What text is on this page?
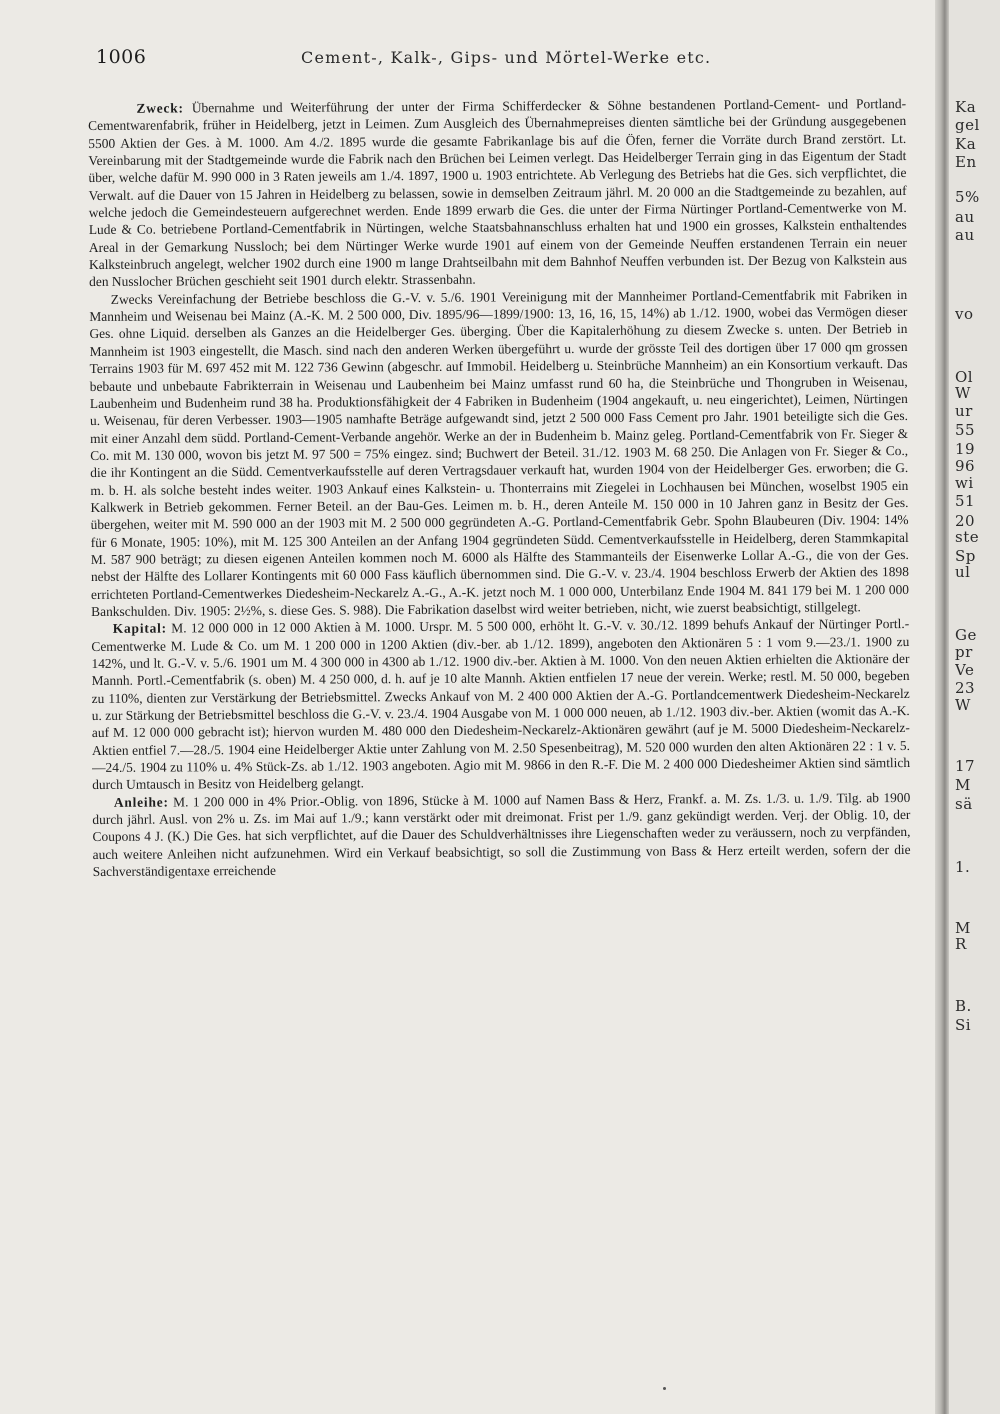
1006	Cement-, Kalk-, Gips- und Mörtel-Werke etc.

Zweck: Übernahme und Weiterführung der unter der Firma Schifferdecker & Söhne bestandenen Portland-Cement- und Portland-Cementwarenfabrik, früher in Heidelberg, jetzt in Leimen. Zum Ausgleich des Übernahmepreises dienten sämtliche bei der Gründung ausgegebenen 5500 Aktien der Ges. à M. 1000. Am 4./2. 1895 wurde die gesamte Fabrikanlage bis auf die Öfen, ferner die Vorräte durch Brand zerstört. Lt. Vereinbarung mit der Stadtgemeinde wurde die Fabrik nach den Brüchen bei Leimen verlegt. Das Heidelberger Terrain ging in das Eigentum der Stadt über, welche dafür M. 990 000 in 3 Raten jeweils am 1./4. 1897, 1900 u. 1903 entrichtete. Ab Verlegung des Betriebs hat die Ges. sich verpflichtet, die Verwalt. auf die Dauer von 15 Jahren in Heidelberg zu belassen, sowie in demselben Zeitraum jährl. M. 20 000 an die Stadtgemeinde zu bezahlen, auf welche jedoch die Gemeindesteuern aufgerechnet werden. Ende 1899 erwarb die Ges. die unter der Firma Nürtinger Portland-Cementwerke von M. Lude & Co. betriebene Portland-Cementfabrik in Nürtingen, welche Staatsbahnanschluss erhalten hat und 1900 ein grosses, Kalkstein enthaltendes Areal in der Gemarkung Nussloch; bei dem Nürtinger Werke wurde 1901 auf einem von der Gemeinde Neuffen erstandenen Terrain ein neuer Kalksteinbruch angelegt, welcher 1902 durch eine 1900 m lange Drahtseilbahn mit dem Bahnhof Neuffen verbunden ist. Der Bezug von Kalkstein aus den Nusslocher Brüchen geschieht seit 1901 durch elektr. Strassenbahn.

Zwecks Vereinfachung der Betriebe beschloss die G.-V. v. 5./6. 1901 Vereinigung mit der Mannheimer Portland-Cementfabrik mit Fabriken in Mannheim und Weisenau bei Mainz (A.-K. M. 2 500 000, Div. 1895/96—1899/1900: 13, 16, 16, 15, 14%) ab 1./12. 1900, wobei das Vermögen dieser Ges. ohne Liquid. derselben als Ganzes an die Heidelberger Ges. überging. Über die Kapitalerhöhung zu diesem Zwecke s. unten. Der Betrieb in Mannheim ist 1903 eingestellt, die Masch. sind nach den anderen Werken übergeführt u. wurde der grösste Teil des dortigen über 17 000 qm grossen Terrains 1903 für M. 697 452 mit M. 122 736 Gewinn (abgeschr. auf Immobil. Heidelberg u. Steinbrüche Mannheim) an ein Konsortium verkauft. Das bebaute und unbebaute Fabrikterrain in Weisenau und Laubenheim bei Mainz umfasst rund 60 ha, die Steinbrüche und Thongruben in Weisenau, Laubenheim und Budenheim rund 38 ha. Produktionsfähigkeit der 4 Fabriken in Budenheim (1904 angekauft, u. neu eingerichtet), Leimen, Nürtingen u. Weisenau, für deren Verbesser. 1903—1905 namhafte Beträge aufgewandt sind, jetzt 2 500 000 Fass Cement pro Jahr. 1901 beteiligte sich die Ges. mit einer Anzahl dem südd. Portland-Cement-Verbande angehör. Werke an der in Budenheim b. Mainz geleg. Portland-Cementfabrik von Fr. Sieger & Co. mit M. 130 000, wovon bis jetzt M. 97 500 = 75% eingez. sind; Buchwert der Beteil. 31./12. 1903 M. 68 250. Die Anlagen von Fr. Sieger & Co., die ihr Kontingent an die Südd. Cementverkaufsstelle auf deren Vertragsdauer verkauft hat, wurden 1904 von der Heidelberger Ges. erworben; die G. m. b. H. als solche besteht indes weiter. 1903 Ankauf eines Kalkstein- u. Thonterrains mit Ziegelei in Lochhausen bei München, woselbst 1905 ein Kalkwerk in Betrieb gekommen. Ferner Beteil. an der Bau-Ges. Leimen m. b. H., deren Anteile M. 150 000 in 10 Jahren ganz in Besitz der Ges. übergehen, weiter mit M. 590 000 an der 1903 mit M. 2 500 000 gegründeten A.-G. Portland-Cementfabrik Gebr. Spohn Blaubeuren (Div. 1904: 14% für 6 Monate, 1905: 10%), mit M. 125 300 Anteilen an der Anfang 1904 gegründeten Südd. Cementverkaufsstelle in Heidelberg, deren Stammkapital M. 587 900 beträgt; zu diesen eigenen Anteilen kommen noch M. 6000 als Hälfte des Stammanteils der Eisenwerke Lollar A.-G., die von der Ges. nebst der Hälfte des Lollarer Kontingents mit 60 000 Fass käuflich übernommen sind. Die G.-V. v. 23./4. 1904 beschloss Erwerb der Aktien des 1898 errichteten Portland-Cementwerkes Diedesheim-Neckarelz A.-G., A.-K. jetzt noch M. 1 000 000, Unterbilanz Ende 1904 M. 841 179 bei M. 1 200 000 Bankschulden. Div. 1905: 2½%, s. diese Ges. S. 988). Die Fabrikation daselbst wird weiter betrieben, nicht, wie zuerst beabsichtigt, stillgelegt.

Kapital: M. 12 000 000 in 12 000 Aktien à M. 1000. Urspr. M. 5 500 000, erhöht lt. G.-V. v. 30./12. 1899 behufs Ankauf der Nürtinger Portl.-Cementwerke M. Lude & Co. um M. 1 200 000 in 1200 Aktien (div.-ber. ab 1./12. 1899), angeboten den Aktionären 5 : 1 vom 9.—23./1. 1900 zu 142%, und lt. G.-V. v. 5./6. 1901 um M. 4 300 000 in 4300 ab 1./12. 1900 div.-ber. Aktien à M. 1000. Von den neuen Aktien erhielten die Aktionäre der Mannh. Portl.-Cementfabrik (s. oben) M. 4 250 000, d. h. auf je 10 alte Mannh. Aktien entfielen 17 neue der verein. Werke; restl. M. 50 000, begeben zu 110%, dienten zur Verstärkung der Betriebsmittel. Zwecks Ankauf von M. 2 400 000 Aktien der A.-G. Portlandcementwerk Diedesheim-Neckarelz u. zur Stärkung der Betriebsmittel beschloss die G.-V. v. 23./4. 1904 Ausgabe von M. 1 000 000 neuen, ab 1./12. 1903 div.-ber. Aktien (womit das A.-K. auf M. 12 000 000 gebracht ist); hiervon wurden M. 480 000 den Diedesheim-Neckarelz-Aktionären gewährt (auf je M. 5000 Diedesheim-Neckarelz-Aktien entfiel 7.—28./5. 1904 eine Heidelberger Aktie unter Zahlung von M. 2.50 Spesenbeitrag), M. 520 000 wurden den alten Aktionären 22 : 1 v. 5.—24./5. 1904 zu 110% u. 4% Stück-Zs. ab 1./12. 1903 angeboten. Agio mit M. 9866 in den R.-F. Die M. 2 400 000 Diedesheimer Aktien sind sämtlich durch Umtausch in Besitz von Heidelberg gelangt.

Anleihe: M. 1 200 000 in 4% Prior.-Oblig. von 1896, Stücke à M. 1000 auf Namen Bass & Herz, Frankf. a. M. Zs. 1./3. u. 1./9. Tilg. ab 1900 durch jährl. Ausl. von 2% u. Zs. im Mai auf 1./9.; kann verstärkt oder mit dreimonat. Frist per 1./9. ganz gekündigt werden. Verj. der Oblig. 10, der Coupons 4 J. (K.) Die Ges. hat sich verpflichtet, auf die Dauer des Schuldverhältnisses ihre Liegenschaften weder zu veräussern, noch zu verpfänden, auch weitere Anleihen nicht aufzunehmen. Wird ein Verkauf beabsichtigt, so soll die Zustimmung von Bass & Herz erteilt werden, sofern der die Sachverständigentaxe erreichende

Ka
gel
Ka
En
5%
au
au
vo
Ol
W
ur
55
19
96
wi
51
20
ste
Sp
ul
Ge
pr
Ve
23
W
17
M
sä
1.
M
R
B.
Si
